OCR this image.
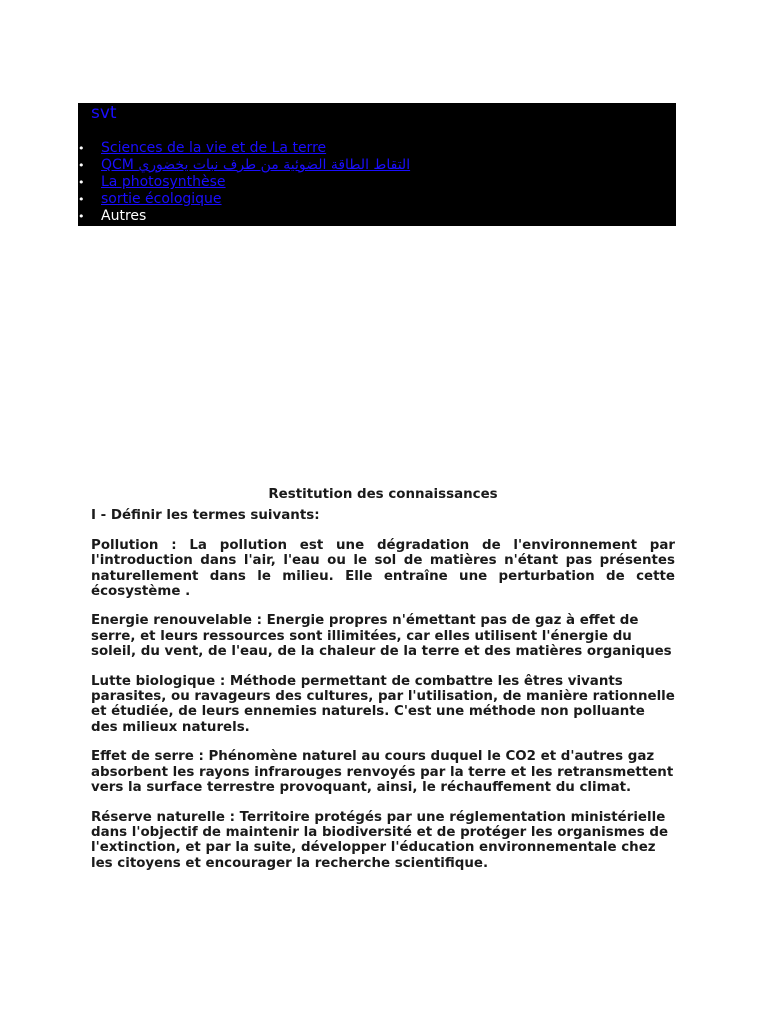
svt
• Sciences de la vie et de La terre
• QCM التقاط الطاقة الضوئية من طرف نبات يخضوري
• La photosynthèse
• sortie écologique
• Autres

Restitution des connaissances

I - Définir les termes suivants:

Pollution : La pollution est une dégradation de l'environnement par l'introduction dans l'air, l'eau ou le sol de matières n'étant pas présentes naturellement dans le milieu. Elle entraîne une perturbation de cette écosystème .

Energie renouvelable : Energie propres n'émettant pas de gaz à effet de serre, et leurs ressources sont illimitées, car elles utilisent l'énergie du soleil, du vent, de l'eau, de la chaleur de la terre et des matières organiques

Lutte biologique : Méthode permettant de combattre les êtres vivants parasites, ou ravageurs des cultures, par l'utilisation, de manière rationnelle et étudiée, de leurs ennemies naturels. C'est une méthode non polluante des milieux naturels.

Effet de serre : Phénomène naturel au cours duquel le CO2 et d'autres gaz absorbent les rayons infrarouges renvoyés par la terre et les retransmettent vers la surface terrestre provoquant, ainsi, le réchauffement du climat.

Réserve naturelle : Territoire protégés par une réglementation ministérielle dans l'objectif de maintenir la biodiversité et de protéger les organismes de l'extinction, et par la suite, développer l'éducation environnementale chez les citoyens et encourager la recherche scientifique.
